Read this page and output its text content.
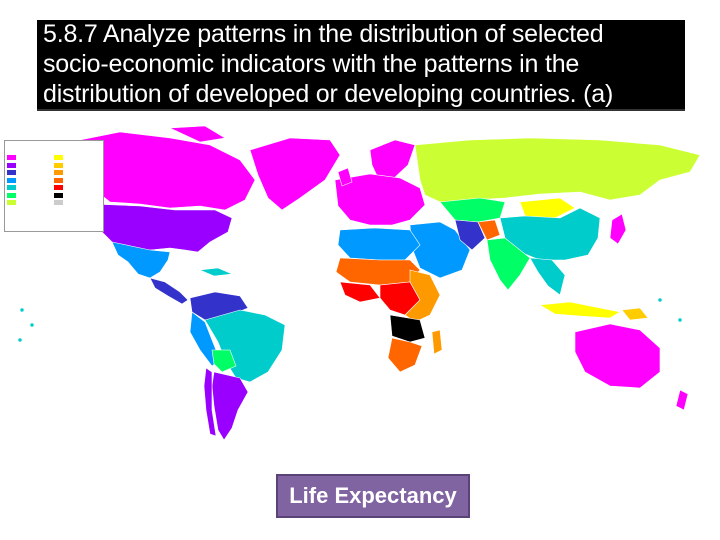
5.8.7 Analyze patterns in the distribution of selected
socio-economic indicators with the patterns in the
distribution of developed or developing countries. (a)
Life Expectancy
